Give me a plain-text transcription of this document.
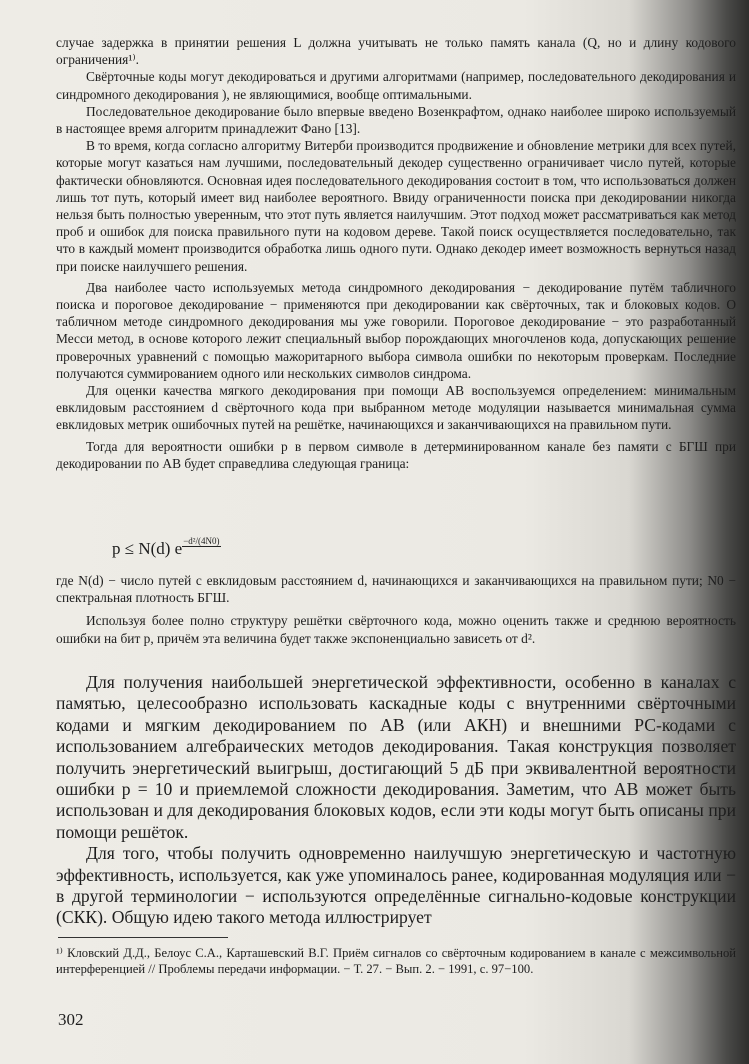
случае задержка в принятии решения L должна учитывать не только память канала (Q, но и длину кодового ограничения¹⁾.

Свёрточные коды могут декодироваться и другими алгоритмами (например, последовательного декодирования и синдромного декодирования ), не являющимися, вообще оптимальными.

Последовательное декодирование было впервые введено Возенкрафтом, однако наиболее широко используемый в настоящее время алгоритм принадлежит Фано [13].

В то время, когда согласно алгоритму Витерби производится продвижение и обновление метрики для всех путей, которые могут казаться нам лучшими, последовательный декодер существенно ограничивает число путей, которые фактически обновляются. Основная идея последовательного декодирования состоит в том, что использоваться должен лишь тот путь, который имеет вид наиболее вероятного. Ввиду ограниченности поиска при декодировании никогда нельзя быть полностью уверенным, что этот путь является наилучшим. Этот подход может рассматриваться как метод проб и ошибок для поиска правильного пути на кодовом дереве. Такой поиск осуществляется последовательно, так что в каждый момент производится обработка лишь одного пути. Однако декодер имеет возможность вернуться назад при поиске наилучшего решения.

Два наиболее часто используемых метода синдромного декодирования − декодирование путём табличного поиска и пороговое декодирование − применяются при декодировании как свёрточных, так и блоковых кодов. О табличном методе синдромного декодирования мы уже говорили. Пороговое декодирование − это разработанный Месси метод, в основе которого лежит специальный выбор порождающих многочленов кода, допускающих решение проверочных уравнений с помощью мажоритарного выбора символа ошибки по некоторым проверкам. Последние получаются суммированием одного или нескольких символов синдрома.

Для оценки качества мягкого декодирования при помощи АВ воспользуемся определением: минимальным евклидовым расстоянием d свёрточного кода при выбранном методе модуляции называется минимальная сумма евклидовых метрик ошибочных путей на решётке, начинающихся и заканчивающихся на правильном пути.

Тогда для вероятности ошибки p в первом символе в детерминированном канале без памяти с БГШ при декодировании по АВ будет справедлива следующая граница:

p ≤ N(d) e −d²/(4N0)

где N(d) − число путей с евклидовым расстоянием d, начинающихся и заканчивающихся на правильном пути; N0 − спектральная плотность БГШ.

Используя более полно структуру решётки свёрточного кода, можно оценить также и среднюю вероятность ошибки на бит p, причём эта величина будет также экспоненциально зависеть от d².

Для получения наибольшей энергетической эффективности, особенно в каналах с памятью, целесообразно использовать каскадные коды с внутренними свёрточными кодами и мягким декодированием по АВ (или АКН) и внешними РС-кодами с использованием алгебраических методов декодирования. Такая конструкция позволяет получить энергетический выигрыш, достигающий 5 дБ при эквивалентной вероятности ошибки p = 10 и приемлемой сложности декодирования. Заметим, что АВ может быть использован и для декодирования блоковых кодов, если эти коды могут быть описаны при помощи решёток.

Для того, чтобы получить одновременно наилучшую энергетическую и частотную эффективность, используется, как уже упоминалось ранее, кодированная модуляция или − в другой терминологии − используются определённые сигнально-кодовые конструкции (СКК). Общую идею такого метода иллюстрирует

¹⁾ Кловский Д.Д., Белоус С.А., Карташевский В.Г. Приём сигналов со свёрточным кодированием в канале с межсимвольной интерференцией // Проблемы передачи информации. − Т. 27. − Вып. 2. − 1991, с. 97−100.

302
